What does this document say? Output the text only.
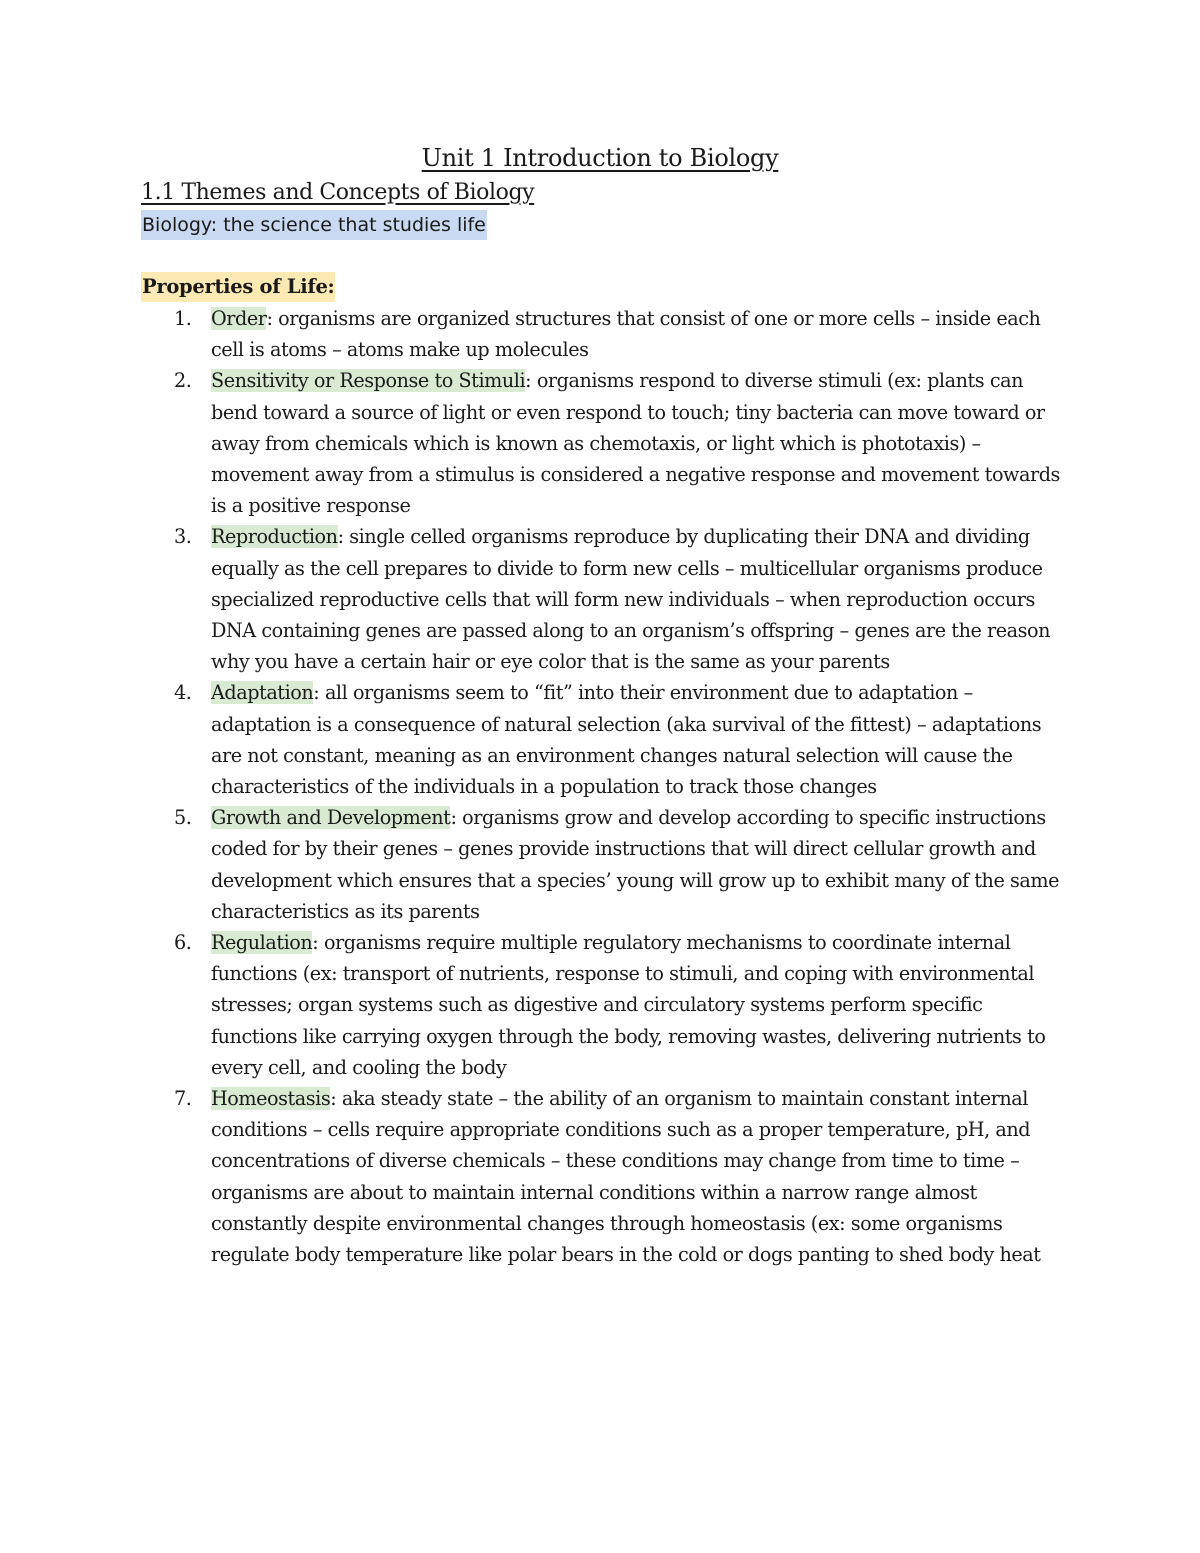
Unit 1 Introduction to Biology
1.1 Themes and Concepts of Biology
Biology: the science that studies life
Properties of Life:
1. Order: organisms are organized structures that consist of one or more cells – inside each cell is atoms – atoms make up molecules
2. Sensitivity or Response to Stimuli: organisms respond to diverse stimuli (ex: plants can bend toward a source of light or even respond to touch; tiny bacteria can move toward or away from chemicals which is known as chemotaxis, or light which is phototaxis) – movement away from a stimulus is considered a negative response and movement towards is a positive response
3. Reproduction: single celled organisms reproduce by duplicating their DNA and dividing equally as the cell prepares to divide to form new cells – multicellular organisms produce specialized reproductive cells that will form new individuals – when reproduction occurs DNA containing genes are passed along to an organism’s offspring – genes are the reason why you have a certain hair or eye color that is the same as your parents
4. Adaptation: all organisms seem to “fit” into their environment due to adaptation – adaptation is a consequence of natural selection (aka survival of the fittest) – adaptations are not constant, meaning as an environment changes natural selection will cause the characteristics of the individuals in a population to track those changes
5. Growth and Development: organisms grow and develop according to specific instructions coded for by their genes – genes provide instructions that will direct cellular growth and development which ensures that a species’ young will grow up to exhibit many of the same characteristics as its parents
6. Regulation: organisms require multiple regulatory mechanisms to coordinate internal functions (ex: transport of nutrients, response to stimuli, and coping with environmental stresses; organ systems such as digestive and circulatory systems perform specific functions like carrying oxygen through the body, removing wastes, delivering nutrients to every cell, and cooling the body
7. Homeostasis: aka steady state – the ability of an organism to maintain constant internal conditions – cells require appropriate conditions such as a proper temperature, pH, and concentrations of diverse chemicals – these conditions may change from time to time – organisms are about to maintain internal conditions within a narrow range almost constantly despite environmental changes through homeostasis (ex: some organisms regulate body temperature like polar bears in the cold or dogs panting to shed body heat
